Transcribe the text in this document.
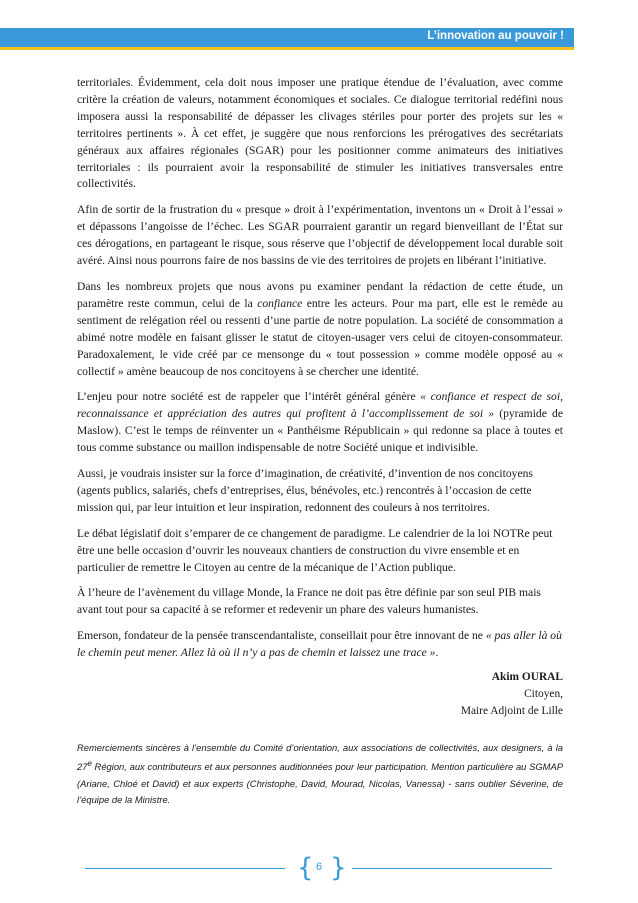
L’innovation au pouvoir !

territoriales. Évidemment, cela doit nous imposer une pratique étendue de l’évaluation, avec comme critère la création de valeurs, notamment économiques et sociales. Ce dialogue territorial redéfini nous imposera aussi la responsabilité de dépasser les clivages stériles pour porter des projets sur les « territoires pertinents ». À cet effet, je suggère que nous renforcions les prérogatives des secrétariats généraux aux affaires régionales (SGAR) pour les positionner comme animateurs des initiatives territoriales : ils pourraient avoir la responsabilité de stimuler les initiatives transversales entre collectivités.

Afin de sortir de la frustration du « presque » droit à l’expérimentation, inventons un « Droit à l’essai » et dépassons l’angoisse de l’échec. Les SGAR pourraient garantir un regard bienveillant de l’État sur ces dérogations, en partageant le risque, sous réserve que l’objectif de développement local durable soit avéré. Ainsi nous pourrons faire de nos bassins de vie des territoires de projets en libérant l’initiative.

Dans les nombreux projets que nous avons pu examiner pendant la rédaction de cette étude, un paramètre reste commun, celui de la confiance entre les acteurs. Pour ma part, elle est le remède au sentiment de relégation réel ou ressenti d’une partie de notre population. La société de consommation a abimé notre modèle en faisant glisser le statut de citoyen-usager vers celui de citoyen-consommateur. Paradoxalement, le vide créé par ce mensonge du « tout possession » comme modèle opposé au « collectif » amène beaucoup de nos concitoyens à se chercher une identité.

L’enjeu pour notre société est de rappeler que l’intérêt général génère « confiance et respect de soi, reconnaissance et appréciation des autres qui profitent à l’accomplissement de soi » (pyramide de Maslow). C’est le temps de réinventer un « Panthéisme Républicain » qui redonne sa place à toutes et tous comme substance ou maillon indispensable de notre Société unique et indivisible.

Aussi, je voudrais insister sur la force d’imagination, de créativité, d’invention de nos concitoyens (agents publics, salariés, chefs d’entreprises, élus, bénévoles, etc.) rencontrés à l’occasion de cette mission qui, par leur intuition et leur inspiration, redonnent des couleurs à nos territoires.

Le débat législatif doit s’emparer de ce changement de paradigme. Le calendrier de la loi NOTRe peut être une belle occasion d’ouvrir les nouveaux chantiers de construction du vivre ensemble et en particulier de remettre le Citoyen au centre de la mécanique de l’Action publique.

À l’heure de l’avènement du village Monde, la France ne doit pas être définie par son seul PIB mais avant tout pour sa capacité à se reformer et redevenir un phare des valeurs humanistes.

Emerson, fondateur de la pensée transcendantaliste, conseillait pour être innovant de ne « pas aller là où le chemin peut mener. Allez là où il n’y a pas de chemin et laissez une trace ».

Akim OURAL
Citoyen,
Maire Adjoint de Lille
Remerciements sincères à l’ensemble du Comité d’orientation, aux associations de collectivités, aux designers, à la 27e Région, aux contributeurs et aux personnes auditionnées pour leur participation. Mention particulière au SGMAP (Ariane, Chloé et David) et aux experts (Christophe, David, Mourad, Nicolas, Vanessa) - sans oublier Séverine, de l’équipe de la Ministre.
{ }
6
